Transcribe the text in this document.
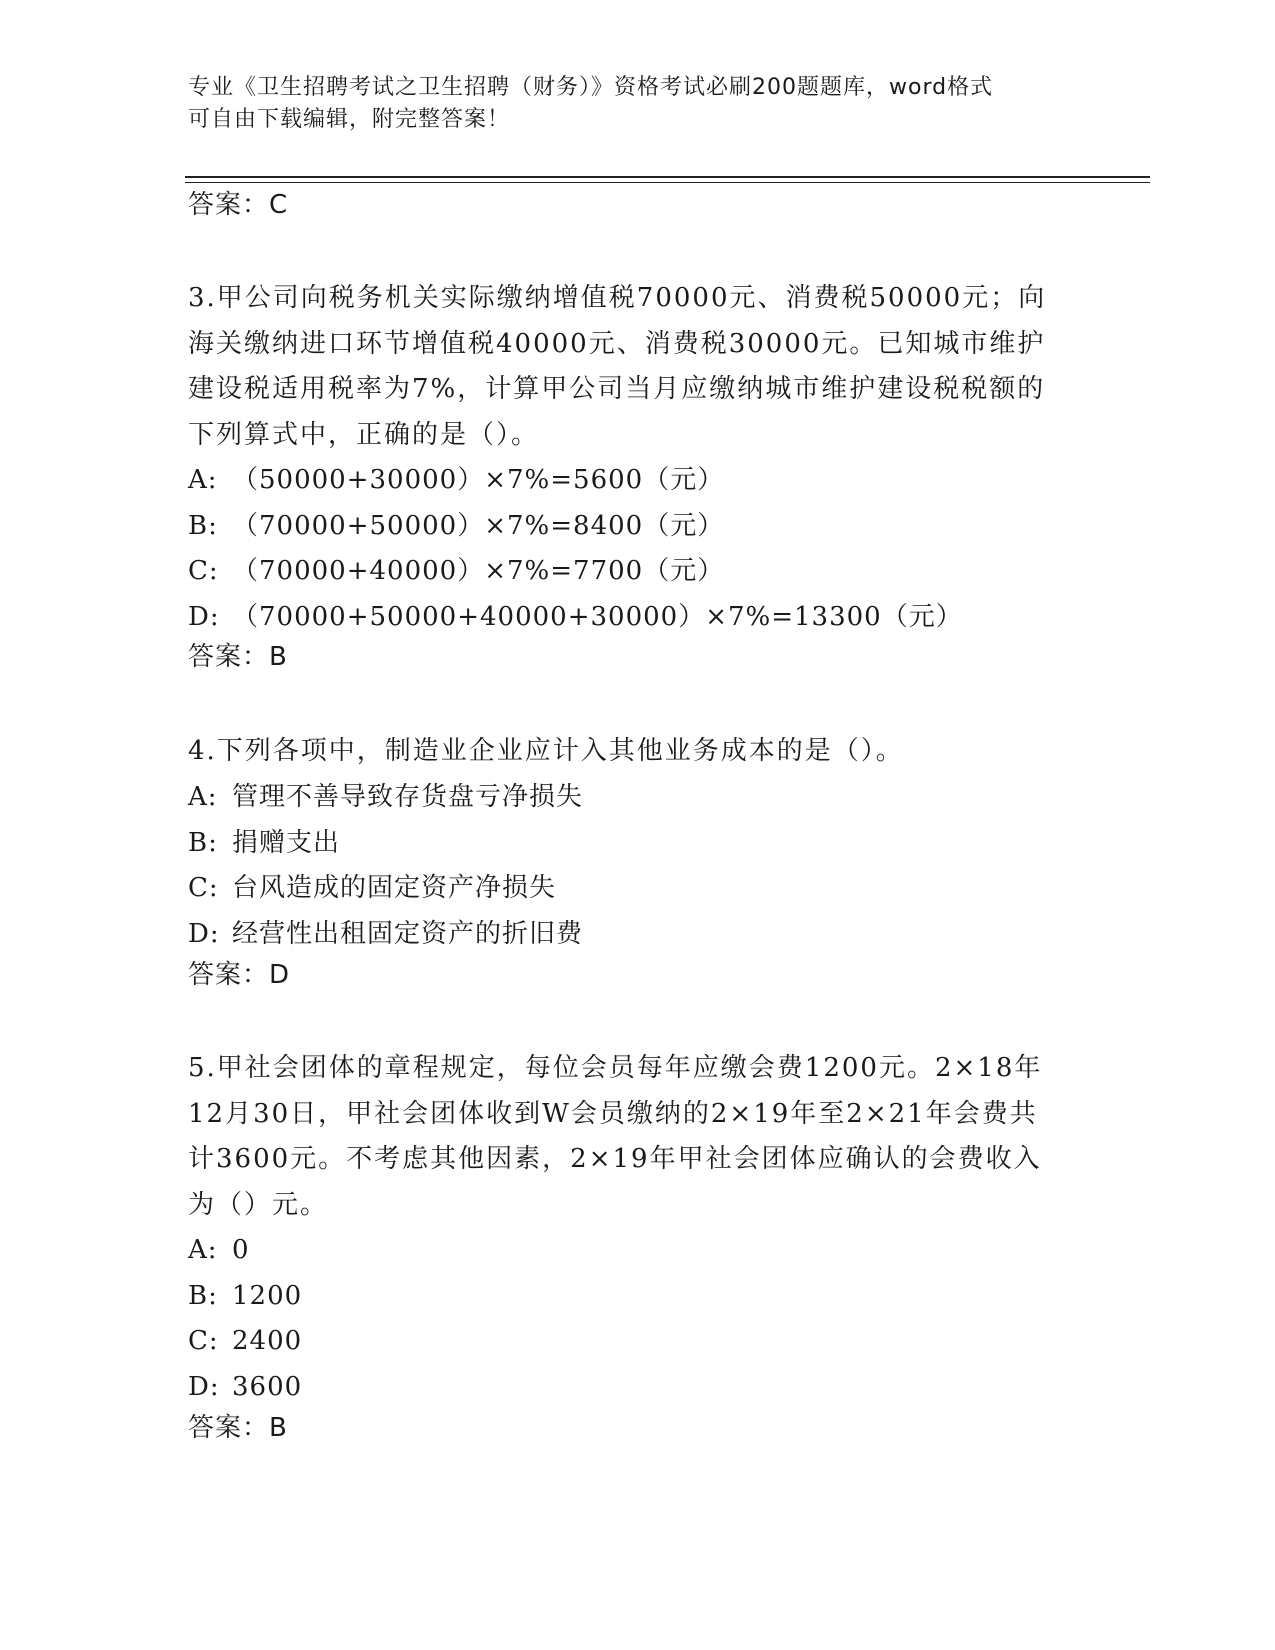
专业《卫生招聘考试之卫生招聘（财务）》资格考试必刷200题题库，word格式
可自由下载编辑，附完整答案！
答案：C
3.甲公司向税务机关实际缴纳增值税70000元、消费税50000元；向
海关缴纳进口环节增值税40000元、消费税30000元。已知城市维护
建设税适用税率为7%，计算甲公司当月应缴纳城市维护建设税税额的
下列算式中，正确的是（）。
A: （50000+30000）×7%=5600（元）
B: （70000+50000）×7%=8400（元）
C: （70000+40000）×7%=7700（元）
D: （70000+50000+40000+30000）×7%=13300（元）
答案：B
4.下列各项中，制造业企业应计入其他业务成本的是（）。
A: 管理不善导致存货盘亏净损失
B: 捐赠支出
C: 台风造成的固定资产净损失
D: 经营性出租固定资产的折旧费
答案：D
5.甲社会团体的章程规定，每位会员每年应缴会费1200元。2×18年
12月30日，甲社会团体收到W会员缴纳的2×19年至2×21年会费共
计3600元。不考虑其他因素，2×19年甲社会团体应确认的会费收入
为（）元。
A: 0
B: 1200
C: 2400
D: 3600
答案：B
